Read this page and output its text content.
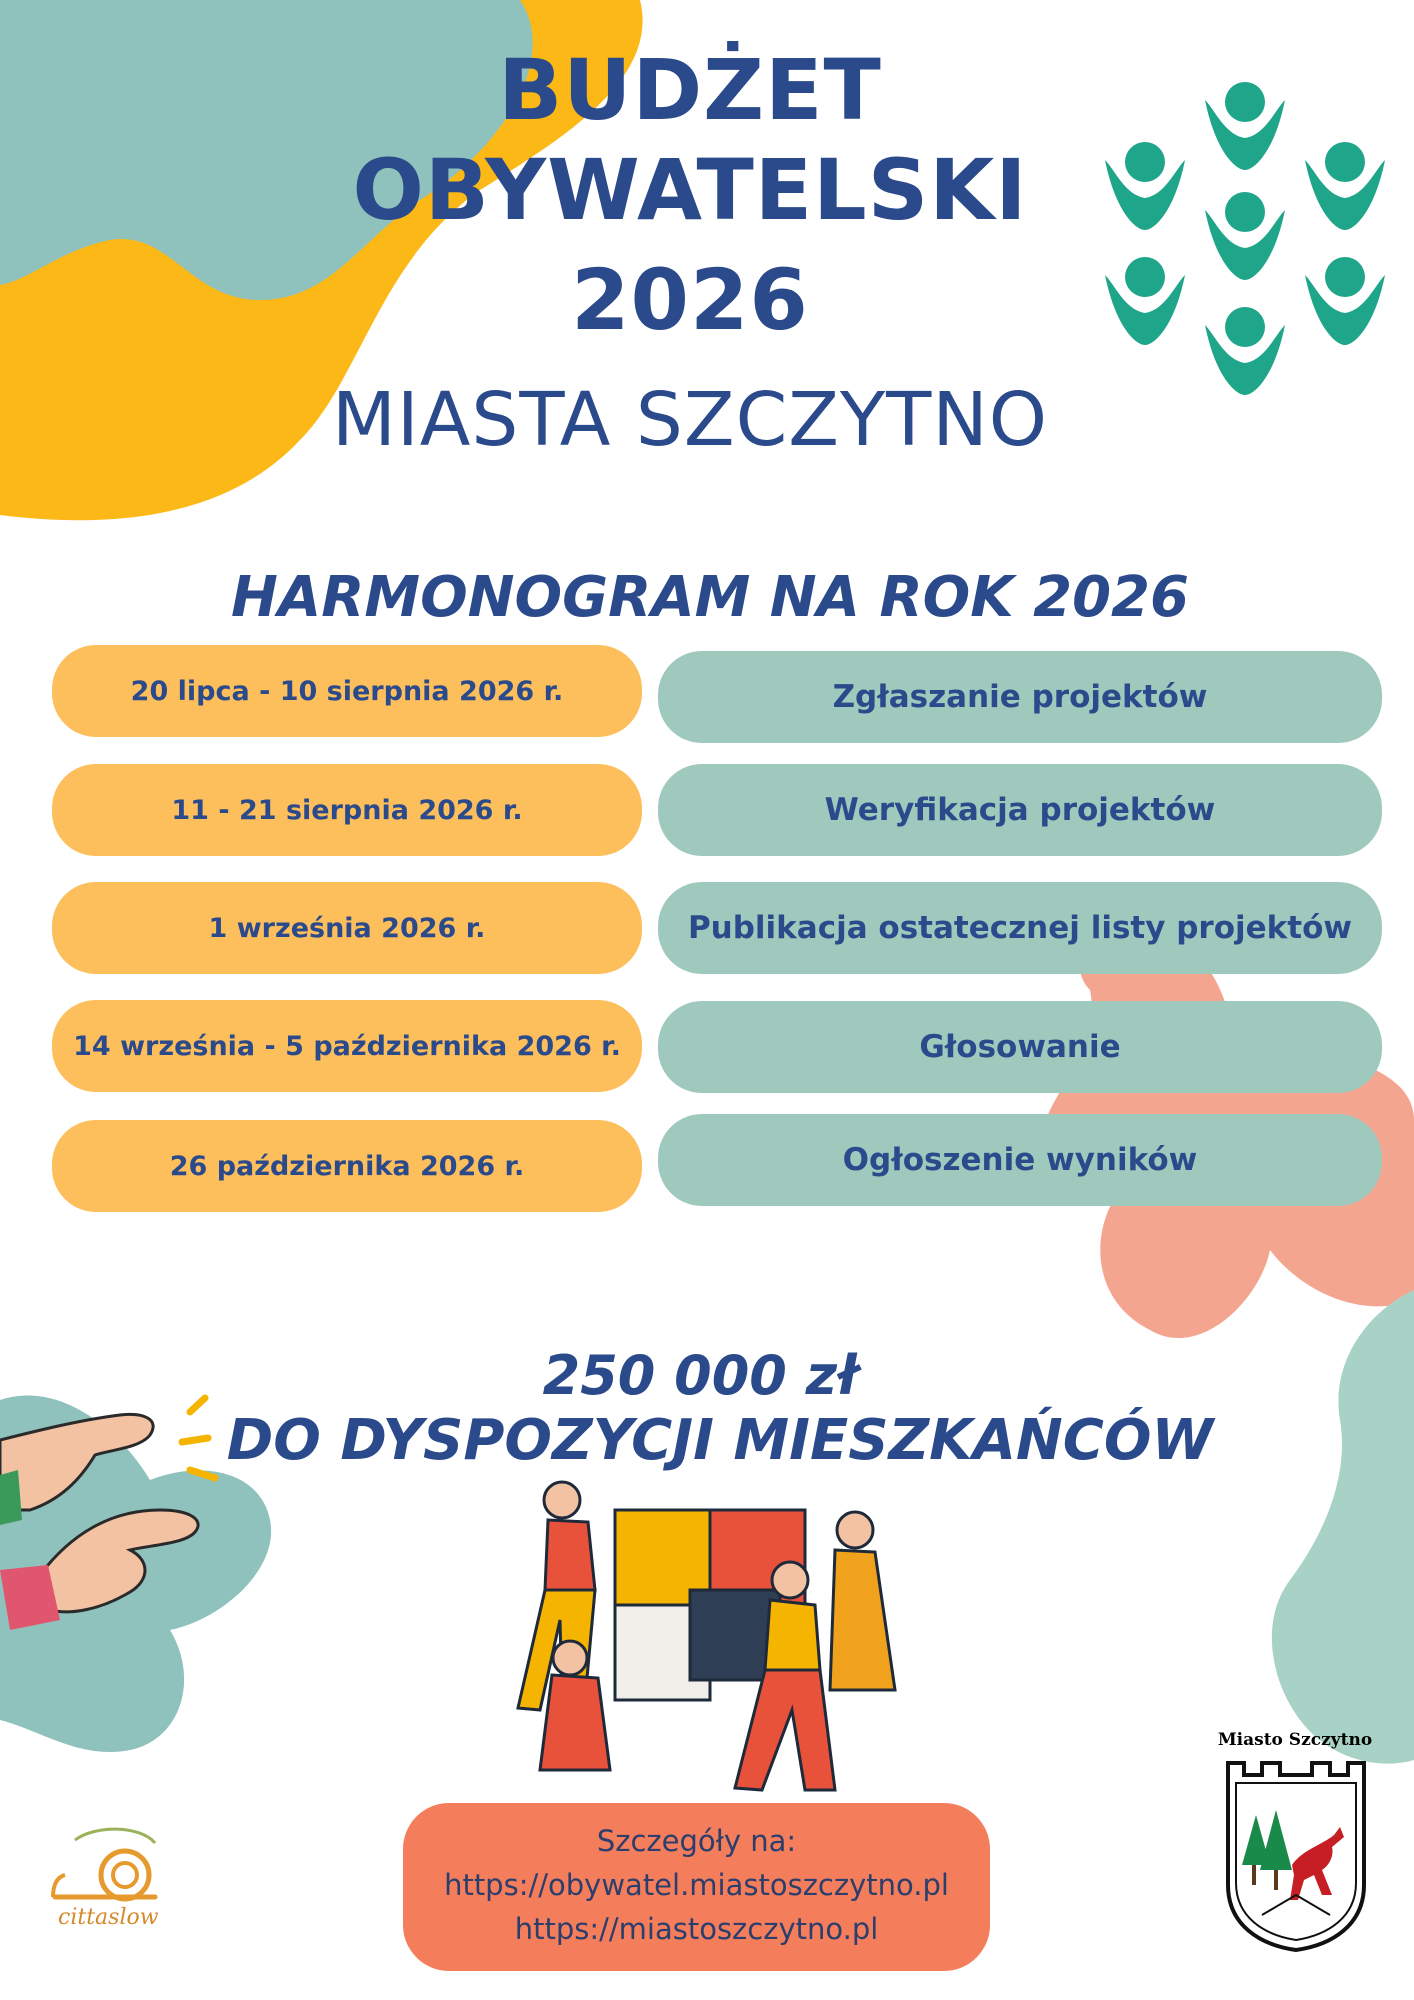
BUDŻET
OBYWATELSKI
2026
MIASTA SZCZYTNO
HARMONOGRAM NA ROK 2026
20 lipca - 10 sierpnia 2026 r.	Zgłaszanie projektów
11 - 21 sierpnia 2026 r.	Weryfikacja projektów
1 września 2026 r.	Publikacja ostatecznej listy projektów
14 września - 5 października 2026 r.	Głosowanie
26 października 2026 r.	Ogłoszenie wyników
250 000 zł
DO DYSPOZYCJI MIESZKAŃCÓW
Szczegóły na:
https://obywatel.miastoszczytno.pl
https://miastoszczytno.pl
cittaslow
Miasto Szczytno
